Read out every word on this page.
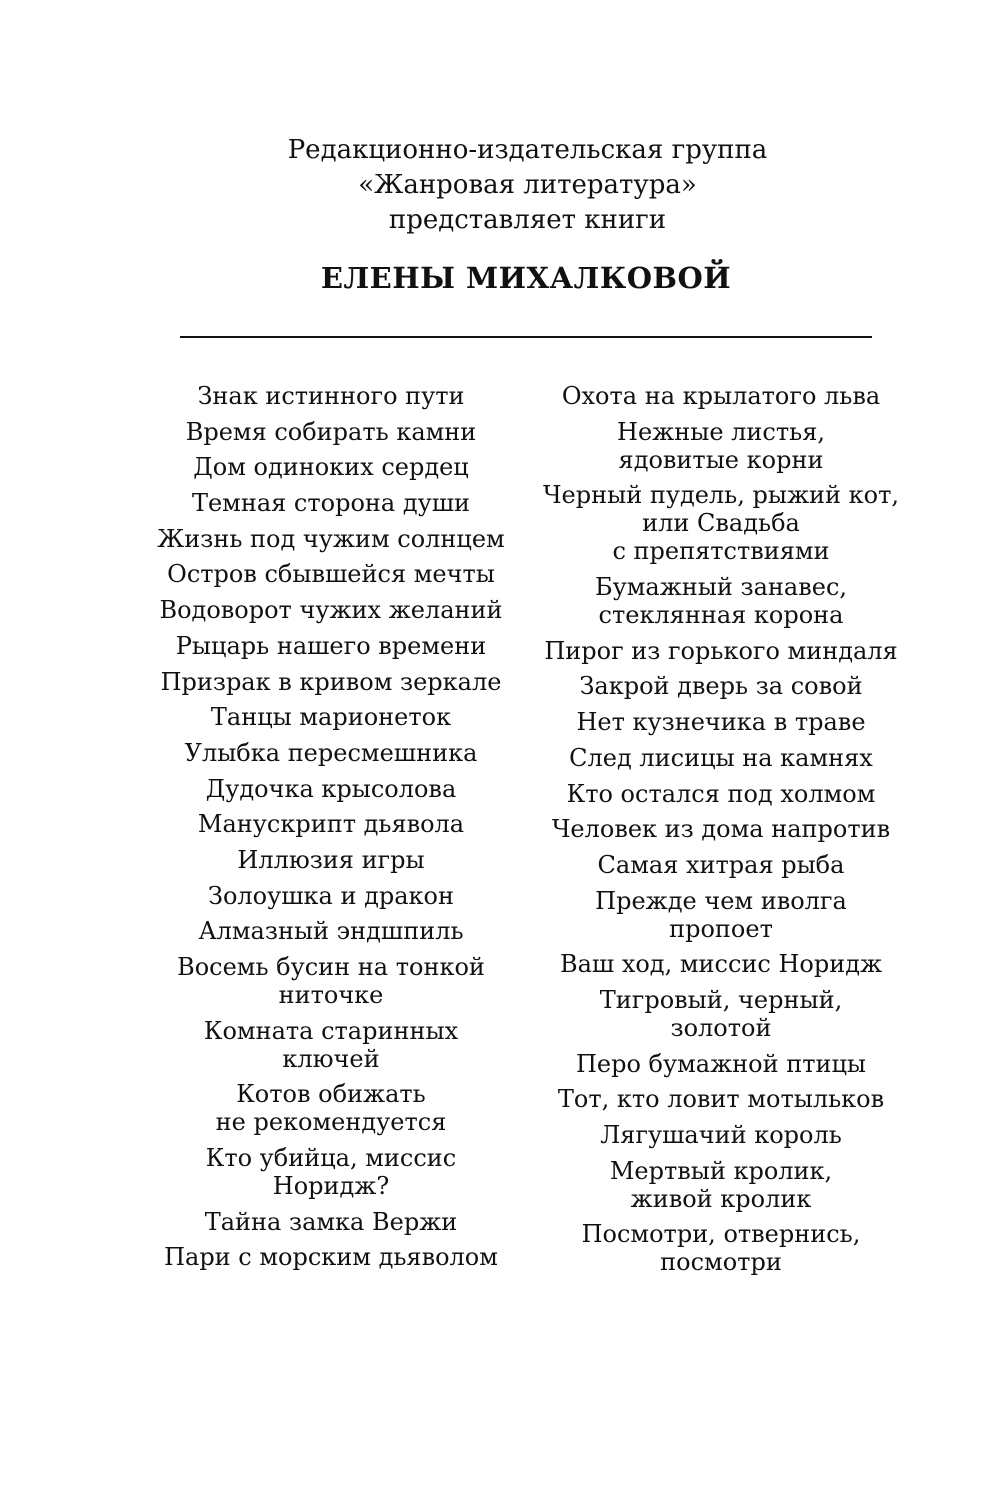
Редакционно-издательская группа
«Жанровая литература»
представляет книги
ЕЛЕНЫ МИХАЛКОВОЙ
Знак истинного пути
Время собирать камни
Дом одиноких сердец
Темная сторона души
Жизнь под чужим солнцем
Остров сбывшейся мечты
Водоворот чужих желаний
Рыцарь нашего времени
Призрак в кривом зеркале
Танцы марионеток
Улыбка пересмешника
Дудочка крысолова
Манускрипт дьявола
Иллюзия игры
Золоушка и дракон
Алмазный эндшпиль
Восемь бусин на тонкой
ниточке
Комната старинных
ключей
Котов обижать
не рекомендуется
Кто убийца, миссис
Норидж?
Тайна замка Вержи
Пари с морским дьяволом
Охота на крылатого льва
Нежные листья,
ядовитые корни
Черный пудель, рыжий кот,
или Свадьба
с препятствиями
Бумажный занавес,
стеклянная корона
Пирог из горького миндаля
Закрой дверь за совой
Нет кузнечика в траве
След лисицы на камнях
Кто остался под холмом
Человек из дома напротив
Самая хитрая рыба
Прежде чем иволга
пропоет
Ваш ход, миссис Норидж
Тигровый, черный,
золотой
Перо бумажной птицы
Тот, кто ловит мотыльков
Лягушачий король
Мертвый кролик,
живой кролик
Посмотри, отвернись,
посмотри
